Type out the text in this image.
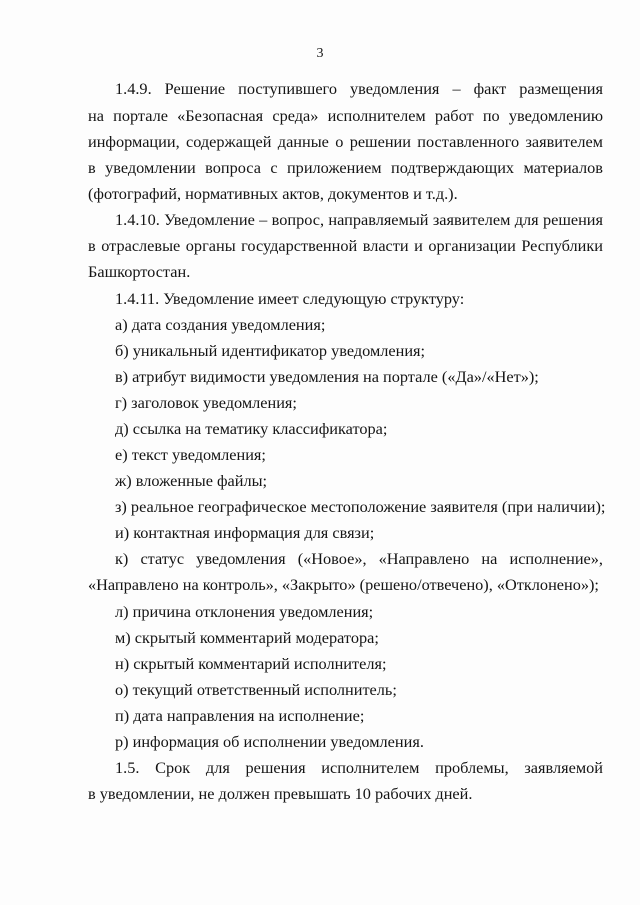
3
1.4.9. Решение поступившего уведомления – факт размещения
на портале «Безопасная среда» исполнителем работ по уведомлению
информации, содержащей данные о решении поставленного заявителем
в уведомлении вопроса с приложением подтверждающих материалов
(фотографий, нормативных актов, документов и т.д.).
1.4.10. Уведомление – вопрос, направляемый заявителем для решения
в отраслевые органы государственной власти и организации Республики
Башкортостан.
1.4.11. Уведомление имеет следующую структуру:
а) дата создания уведомления;
б) уникальный идентификатор уведомления;
в) атрибут видимости уведомления на портале («Да»/«Нет»);
г) заголовок уведомления;
д) ссылка на тематику классификатора;
е) текст уведомления;
ж) вложенные файлы;
з) реальное географическое местоположение заявителя (при наличии);
и) контактная информация для связи;
к) статус уведомления («Новое», «Направлено на исполнение»,
«Направлено на контроль», «Закрыто» (решено/отвечено), «Отклонено»);
л) причина отклонения уведомления;
м) скрытый комментарий модератора;
н) скрытый комментарий исполнителя;
о) текущий ответственный исполнитель;
п) дата направления на исполнение;
р) информация об исполнении уведомления.
1.5. Срок для решения исполнителем проблемы, заявляемой
в уведомлении, не должен превышать 10 рабочих дней.
